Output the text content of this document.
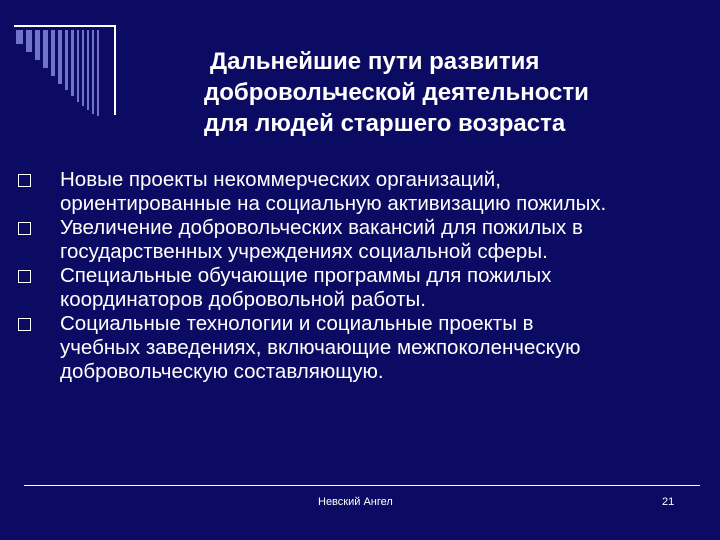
Дальнейшие пути развития
добровольческой деятельности
для людей старшего возраста
Новые проекты некоммерческих организаций,
ориентированные на социальную активизацию пожилых.
Увеличение добровольческих вакансий для пожилых в
государственных учреждениях социальной сферы.
Специальные обучающие программы для пожилых
координаторов добровольной работы.
Социальные технологии и социальные проекты в
учебных заведениях, включающие межпоколенческую
добровольческую составляющую.
Невский Ангел	21
